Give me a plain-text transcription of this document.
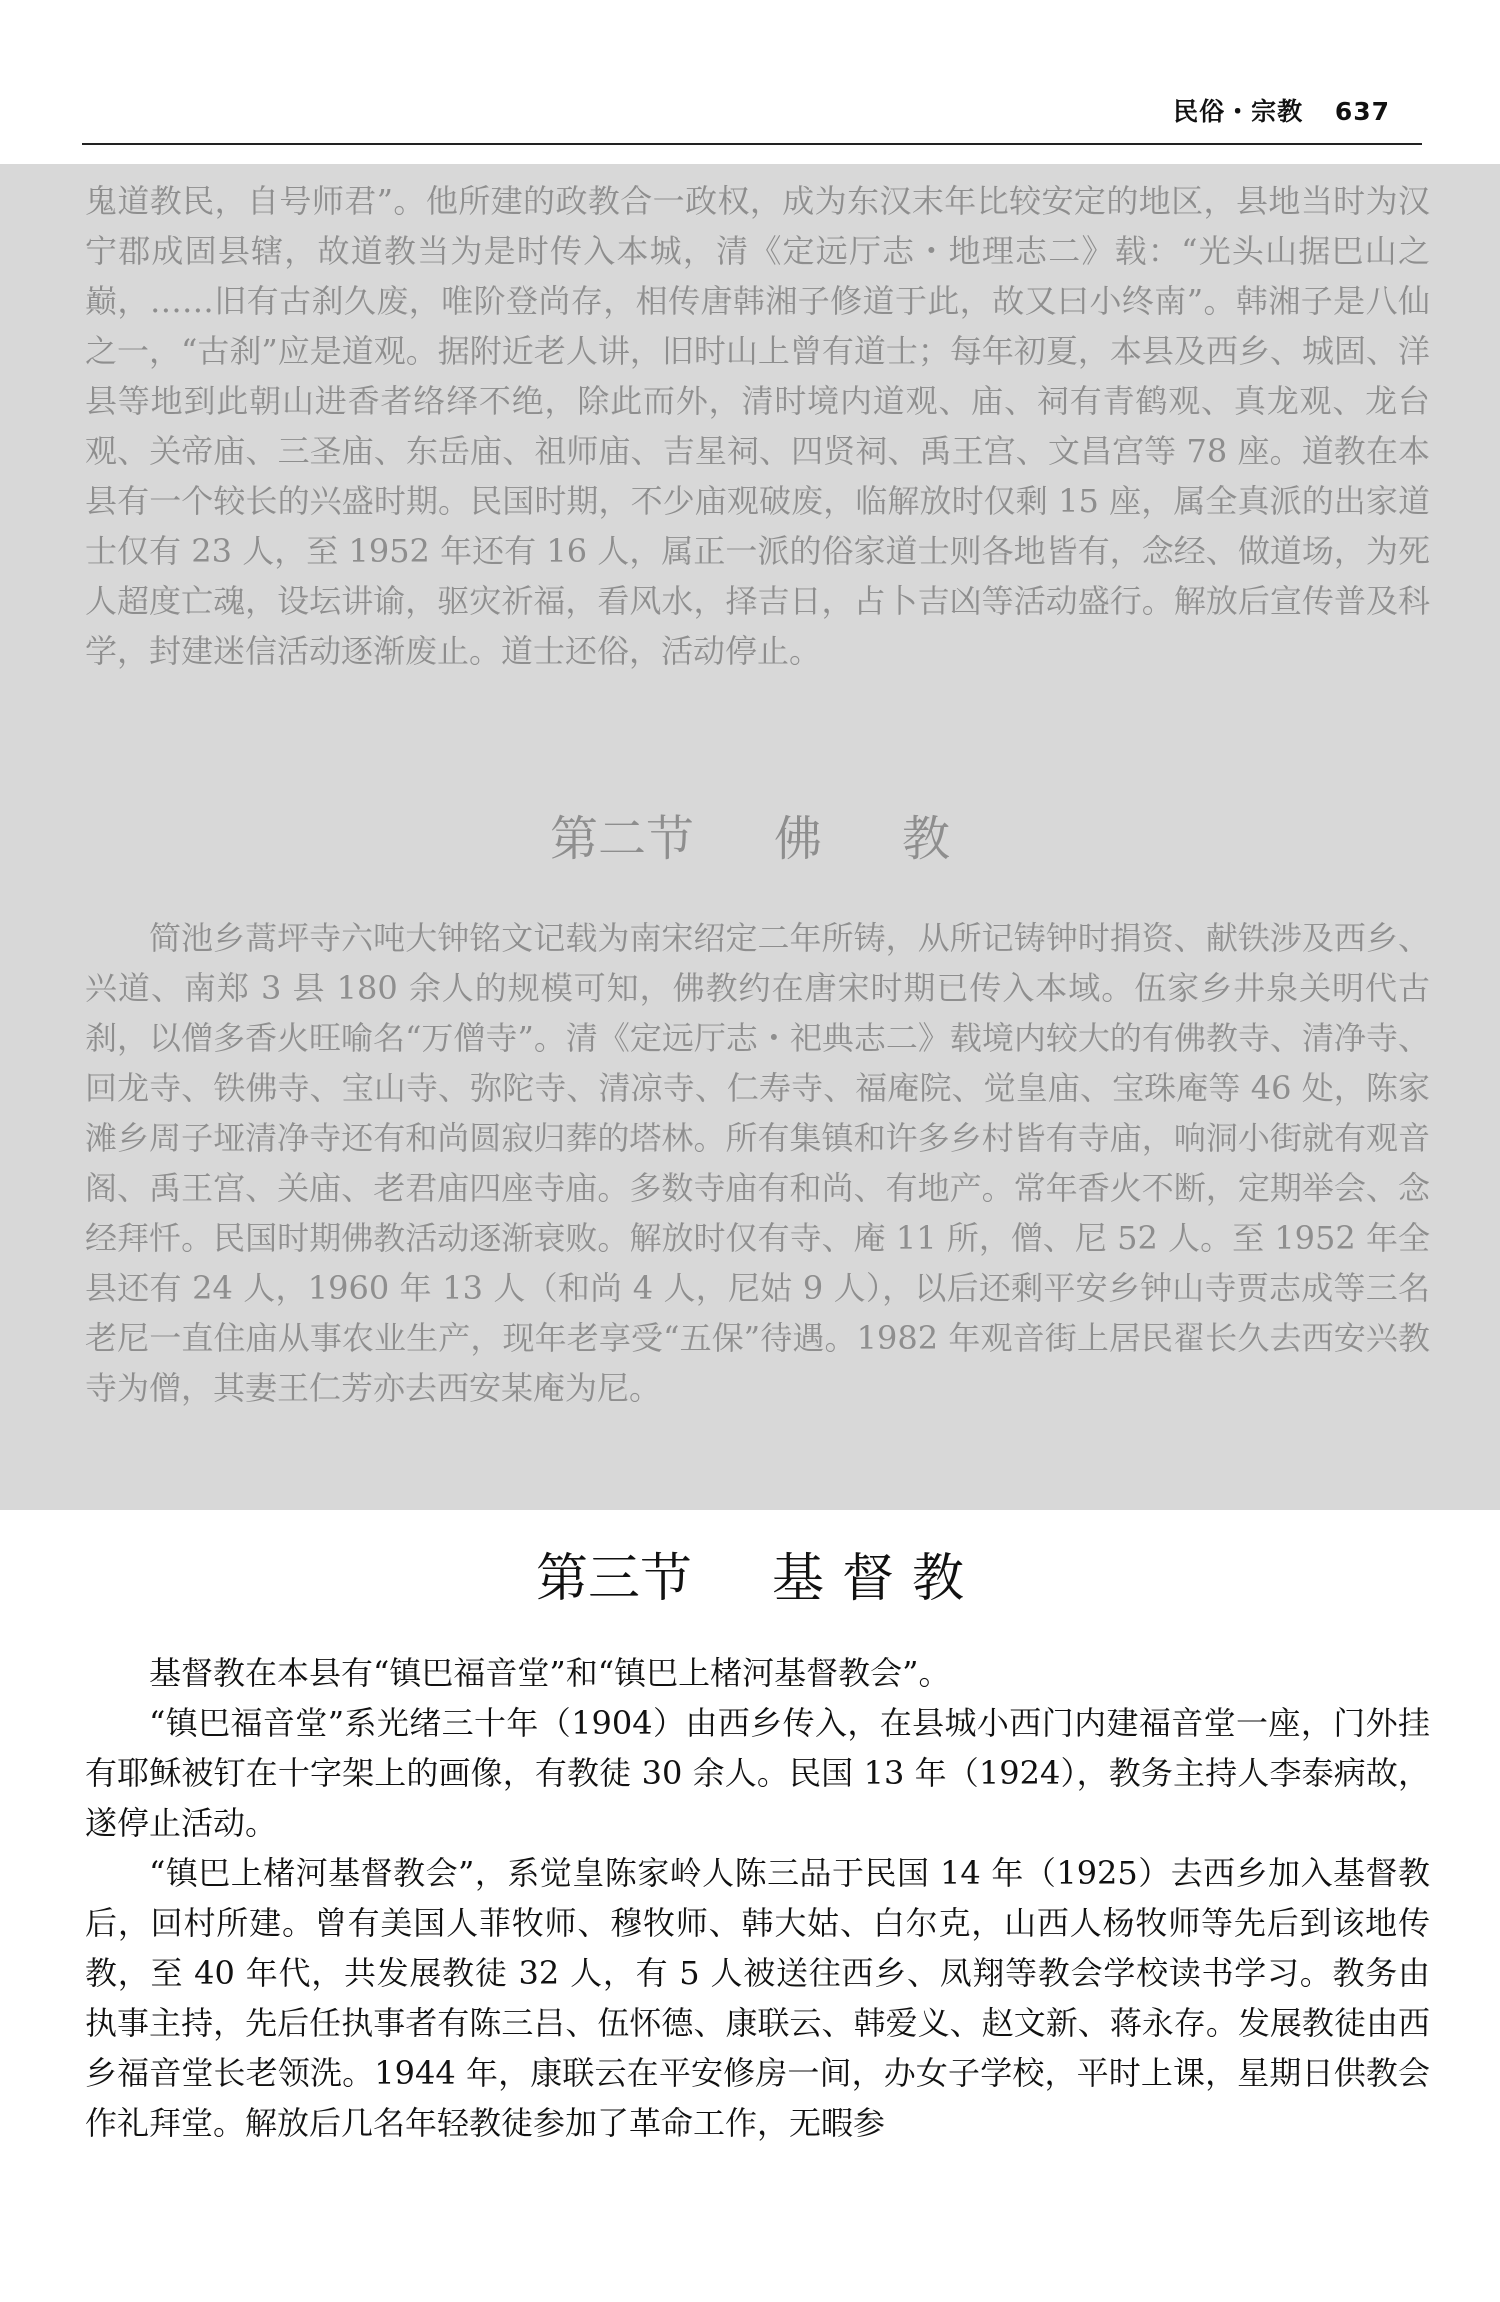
民俗・宗教 637

鬼道教民，自号师君”。他所建的政教合一政权，成为东汉末年比较安定的地区，县地当时为汉宁郡成固县辖，故道教当为是时传入本城，清《定远厅志・地理志二》载：“光头山据巴山之巅，……旧有古刹久废，唯阶登尚存，相传唐韩湘子修道于此，故又曰小终南”。韩湘子是八仙之一，“古刹”应是道观。据附近老人讲，旧时山上曾有道士；每年初夏，本县及西乡、城固、洋县等地到此朝山进香者络绎不绝，除此而外，清时境内道观、庙、祠有青鹤观、真龙观、龙台观、关帝庙、三圣庙、东岳庙、祖师庙、吉星祠、四贤祠、禹王宫、文昌宫等 78 座。道教在本县有一个较长的兴盛时期。民国时期，不少庙观破废，临解放时仅剩 15 座，属全真派的出家道士仅有 23 人，至 1952 年还有 16 人，属正一派的俗家道士则各地皆有，念经、做道场，为死人超度亡魂，设坛讲谕，驱灾祈福，看风水，择吉日，占卜吉凶等活动盛行。解放后宣传普及科学，封建迷信活动逐渐废止。道士还俗，活动停止。

第二节 佛 教

简池乡蒿坪寺六吨大钟铭文记载为南宋绍定二年所铸，从所记铸钟时捐资、献铁涉及西乡、兴道、南郑 3 县 180 余人的规模可知，佛教约在唐宋时期已传入本域。伍家乡井泉关明代古刹，以僧多香火旺喻名“万僧寺”。清《定远厅志・祀典志二》载境内较大的有佛教寺、清净寺、回龙寺、铁佛寺、宝山寺、弥陀寺、清凉寺、仁寿寺、福庵院、觉皇庙、宝珠庵等 46 处，陈家滩乡周子垭清净寺还有和尚圆寂归葬的塔林。所有集镇和许多乡村皆有寺庙，响洞小街就有观音阁、禹王宫、关庙、老君庙四座寺庙。多数寺庙有和尚、有地产。常年香火不断，定期举会、念经拜忏。民国时期佛教活动逐渐衰败。解放时仅有寺、庵 11 所，僧、尼 52 人。至 1952 年全县还有 24 人，1960 年 13 人（和尚 4 人，尼姑 9 人），以后还剩平安乡钟山寺贾志成等三名老尼一直住庙从事农业生产，现年老享受“五保”待遇。1982 年观音街上居民翟长久去西安兴教寺为僧，其妻王仁芳亦去西安某庵为尼。

第三节 基 督 教

基督教在本县有“镇巴福音堂”和“镇巴上楮河基督教会”。

“镇巴福音堂”系光绪三十年（1904）由西乡传入，在县城小西门内建福音堂一座，门外挂有耶稣被钉在十字架上的画像，有教徒 30 余人。民国 13 年（1924），教务主持人李泰病故，遂停止活动。

“镇巴上楮河基督教会”，系觉皇陈家岭人陈三品于民国 14 年（1925）去西乡加入基督教后，回村所建。曾有美国人菲牧师、穆牧师、韩大姑、白尔克，山西人杨牧师等先后到该地传教，至 40 年代，共发展教徒 32 人，有 5 人被送往西乡、凤翔等教会学校读书学习。教务由执事主持，先后任执事者有陈三吕、伍怀德、康联云、韩爱义、赵文新、蒋永存。发展教徒由西乡福音堂长老领洗。1944 年，康联云在平安修房一间，办女子学校，平时上课，星期日供教会作礼拜堂。解放后几名年轻教徒参加了革命工作，无暇参
